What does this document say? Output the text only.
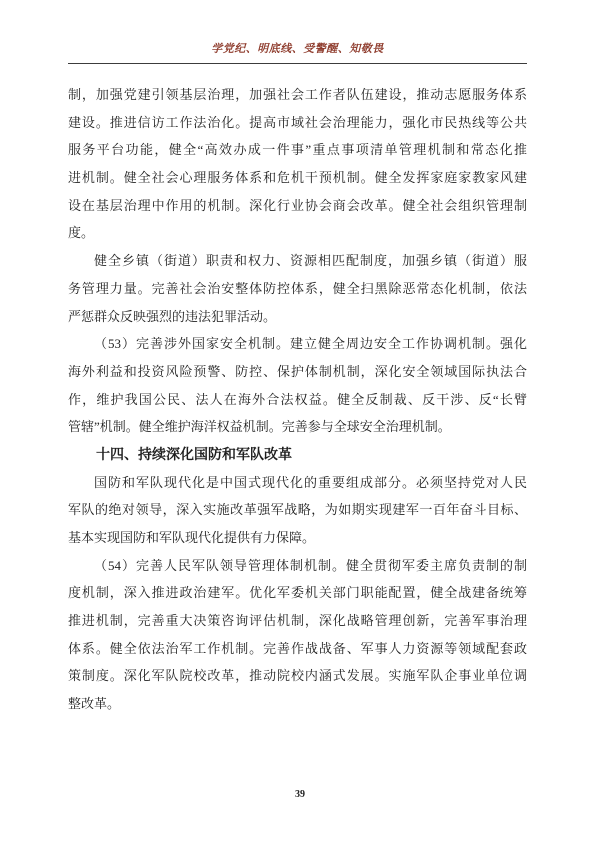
学党纪、明底线、受警醒、知敬畏
制，加强党建引领基层治理，加强社会工作者队伍建设，推动志愿服务体系
建设。推进信访工作法治化。提高市域社会治理能力，强化市民热线等公共
服务平台功能，健全“高效办成一件事”重点事项清单管理机制和常态化推
进机制。健全社会心理服务体系和危机干预机制。健全发挥家庭家教家风建
设在基层治理中作用的机制。深化行业协会商会改革。健全社会组织管理制
度。
健全乡镇（街道）职责和权力、资源相匹配制度，加强乡镇（街道）服
务管理力量。完善社会治安整体防控体系，健全扫黑除恶常态化机制，依法
严惩群众反映强烈的违法犯罪活动。
（53）完善涉外国家安全机制。建立健全周边安全工作协调机制。强化
海外利益和投资风险预警、防控、保护体制机制，深化安全领域国际执法合
作，维护我国公民、法人在海外合法权益。健全反制裁、反干涉、反“长臂
管辖”机制。健全维护海洋权益机制。完善参与全球安全治理机制。
十四、持续深化国防和军队改革
国防和军队现代化是中国式现代化的重要组成部分。必须坚持党对人民
军队的绝对领导，深入实施改革强军战略，为如期实现建军一百年奋斗目标、
基本实现国防和军队现代化提供有力保障。
（54）完善人民军队领导管理体制机制。健全贯彻军委主席负责制的制
度机制，深入推进政治建军。优化军委机关部门职能配置，健全战建备统筹
推进机制，完善重大决策咨询评估机制，深化战略管理创新，完善军事治理
体系。健全依法治军工作机制。完善作战战备、军事人力资源等领域配套政
策制度。深化军队院校改革，推动院校内涵式发展。实施军队企事业单位调
整改革。
39
